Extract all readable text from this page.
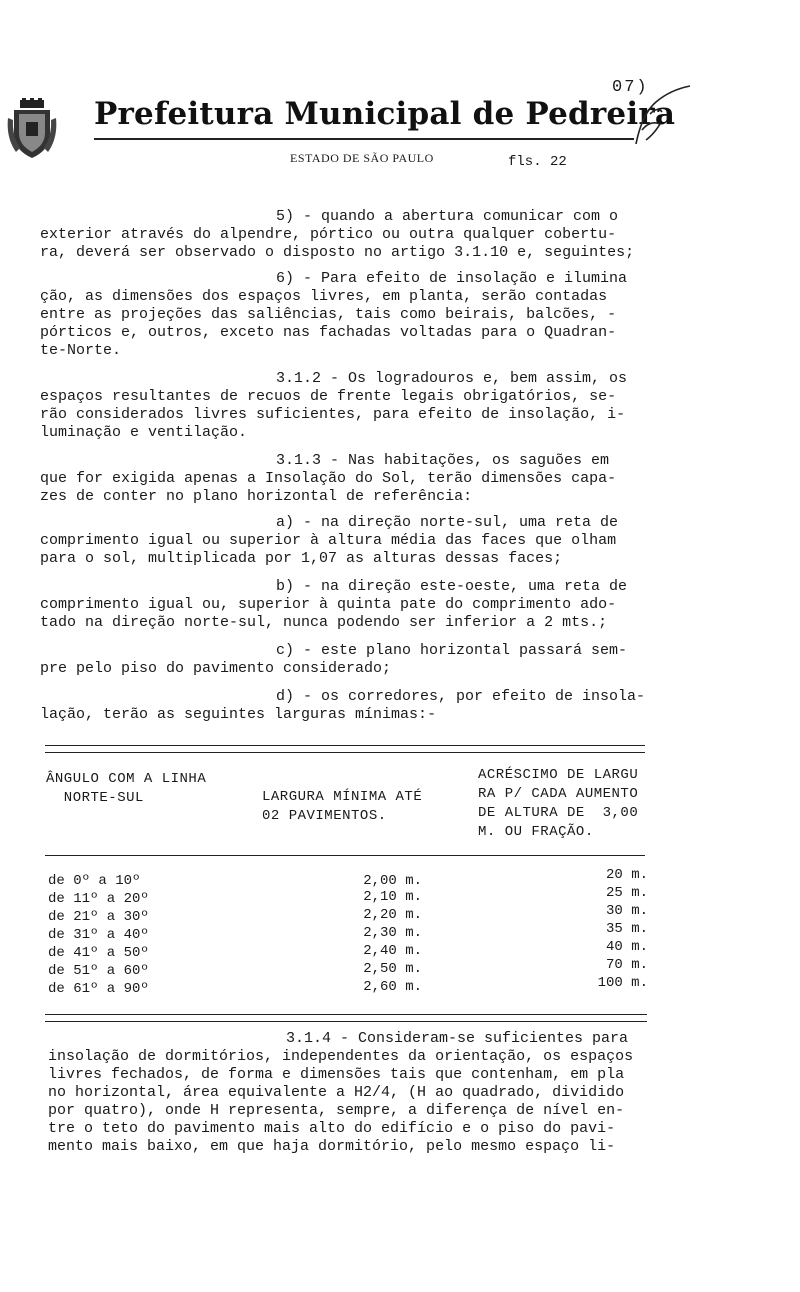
Prefeitura Municipal de Pedreira
07)
ESTADO DE SÃO PAULO	fls. 22
5) - quando a abertura comunicar com o
exterior através do alpendre, pórtico ou outra qualquer cobertu-
ra, deverá ser observado o disposto no artigo 3.1.10 e, seguintes;
6) - Para efeito de insolação e ilumina
ção, as dimensões dos espaços livres, em planta, serão contadas
entre as projeções das saliências, tais como beirais, balcões, -
pórticos e, outros, exceto nas fachadas voltadas para o Quadran-
te-Norte.
3.1.2 - Os logradouros e, bem assim, os
espaços resultantes de recuos de frente legais obrigatórios, se-
rão considerados livres suficientes, para efeito de insolação, i-
luminação e ventilação.
3.1.3 - Nas habitações, os saguões em
que for exigida apenas a Insolação do Sol, terão dimensões capa-
zes de conter no plano horizontal de referência:
a) - na direção norte-sul, uma reta de
comprimento igual ou superior à altura média das faces que olham
para o sol, multiplicada por 1,07 as alturas dessas faces;
b) - na direção este-oeste, uma reta de
comprimento igual ou, superior à quinta pate do comprimento ado-
tado na direção norte-sul, nunca podendo ser inferior a 2 mts.;
c) - este plano horizontal passará sem-
pre pelo piso do pavimento considerado;
d) - os corredores, por efeito de insola-
lação, terão as seguintes larguras mínimas:-
ÂNGULO COM A LINHA
NORTE-SUL	LARGURA MÍNIMA ATÉ
02 PAVIMENTOS.
ACRÉSCIMO DE LARGU
RA P/ CADA AUMENTO
DE ALTURA DE  3,00
M. OU FRAÇÃO.
de 0º a 10º	2,00 m.	20 m.
de 11º a 20º	2,10 m.	25 m.
de 21º a 30º	2,20 m.	30 m.
de 31º a 40º	2,30 m.	35 m.
de 41º a 50º	2,40 m.	40 m.
de 51º a 60º	2,50 m.	70 m.
de 61º a 90º	2,60 m.	100 m.
3.1.4 - Consideram-se suficientes para
insolação de dormitórios, independentes da orientação, os espaços
livres fechados, de forma e dimensões tais que contenham, em pla
no horizontal, área equivalente a H2/4, (H ao quadrado, dividido
por quatro), onde H representa, sempre, a diferença de nível en-
tre o teto do pavimento mais alto do edifício e o piso do pavi-
mento mais baixo, em que haja dormitório, pelo mesmo espaço li-
